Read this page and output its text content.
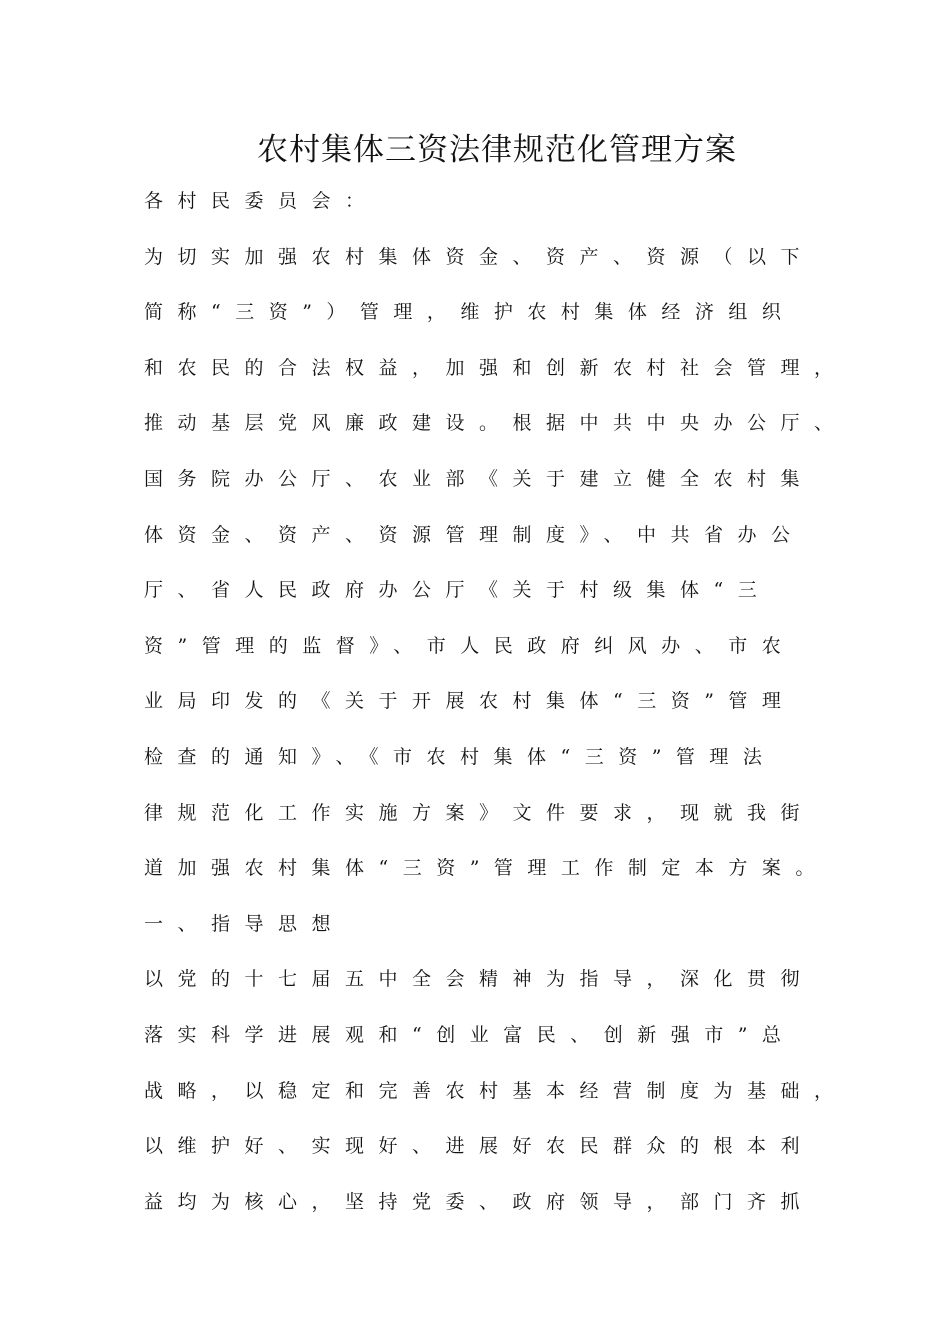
农村集体三资法律规范化管理方案
各村民委员会：
为切实加强农村集体资金、资产、资源（以下
简称“三资”）管理，维护农村集体经济组织
和农民的合法权益，加强和创新农村社会管理，
推动基层党风廉政建设。根据中共中央办公厅、
国务院办公厅、农业部《关于建立健全农村集
体资金、资产、资源管理制度》、中共省办公
厅、省人民政府办公厅《关于村级集体“三
资”管理的监督》、市人民政府纠风办、市农
业局印发的《关于开展农村集体“三资”管理
检查的通知》、《市农村集体“三资”管理法
律规范化工作实施方案》文件要求，现就我街
道加强农村集体“三资”管理工作制定本方案。
一、指导思想
以党的十七届五中全会精神为指导，深化贯彻
落实科学进展观和“创业富民、创新强市”总
战略，以稳定和完善农村基本经营制度为基础，
以维护好、实现好、进展好农民群众的根本利
益均为核心，坚持党委、政府领导，部门齐抓
